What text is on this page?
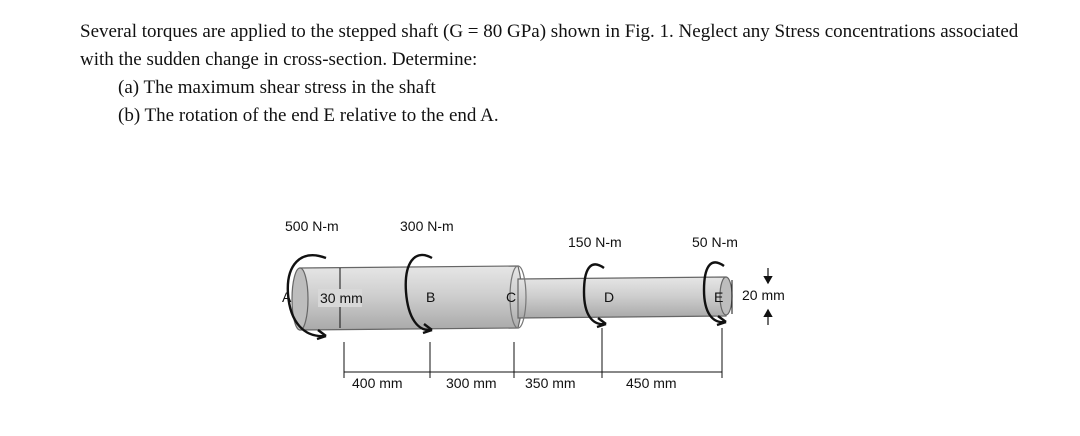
Several torques are applied to the stepped shaft (G = 80 GPa) shown in Fig. 1. Neglect any Stress concentrations associated with the sudden change in cross-section. Determine:

(a) The maximum shear stress in the shaft

(b) The rotation of the end E relative to the end A.

30 mm	20 mm
500 N-m	300 N-m
150 N-m	50 N-m
A	B	C	D	E
400 mm	300 mm 350 mm	450 mm
